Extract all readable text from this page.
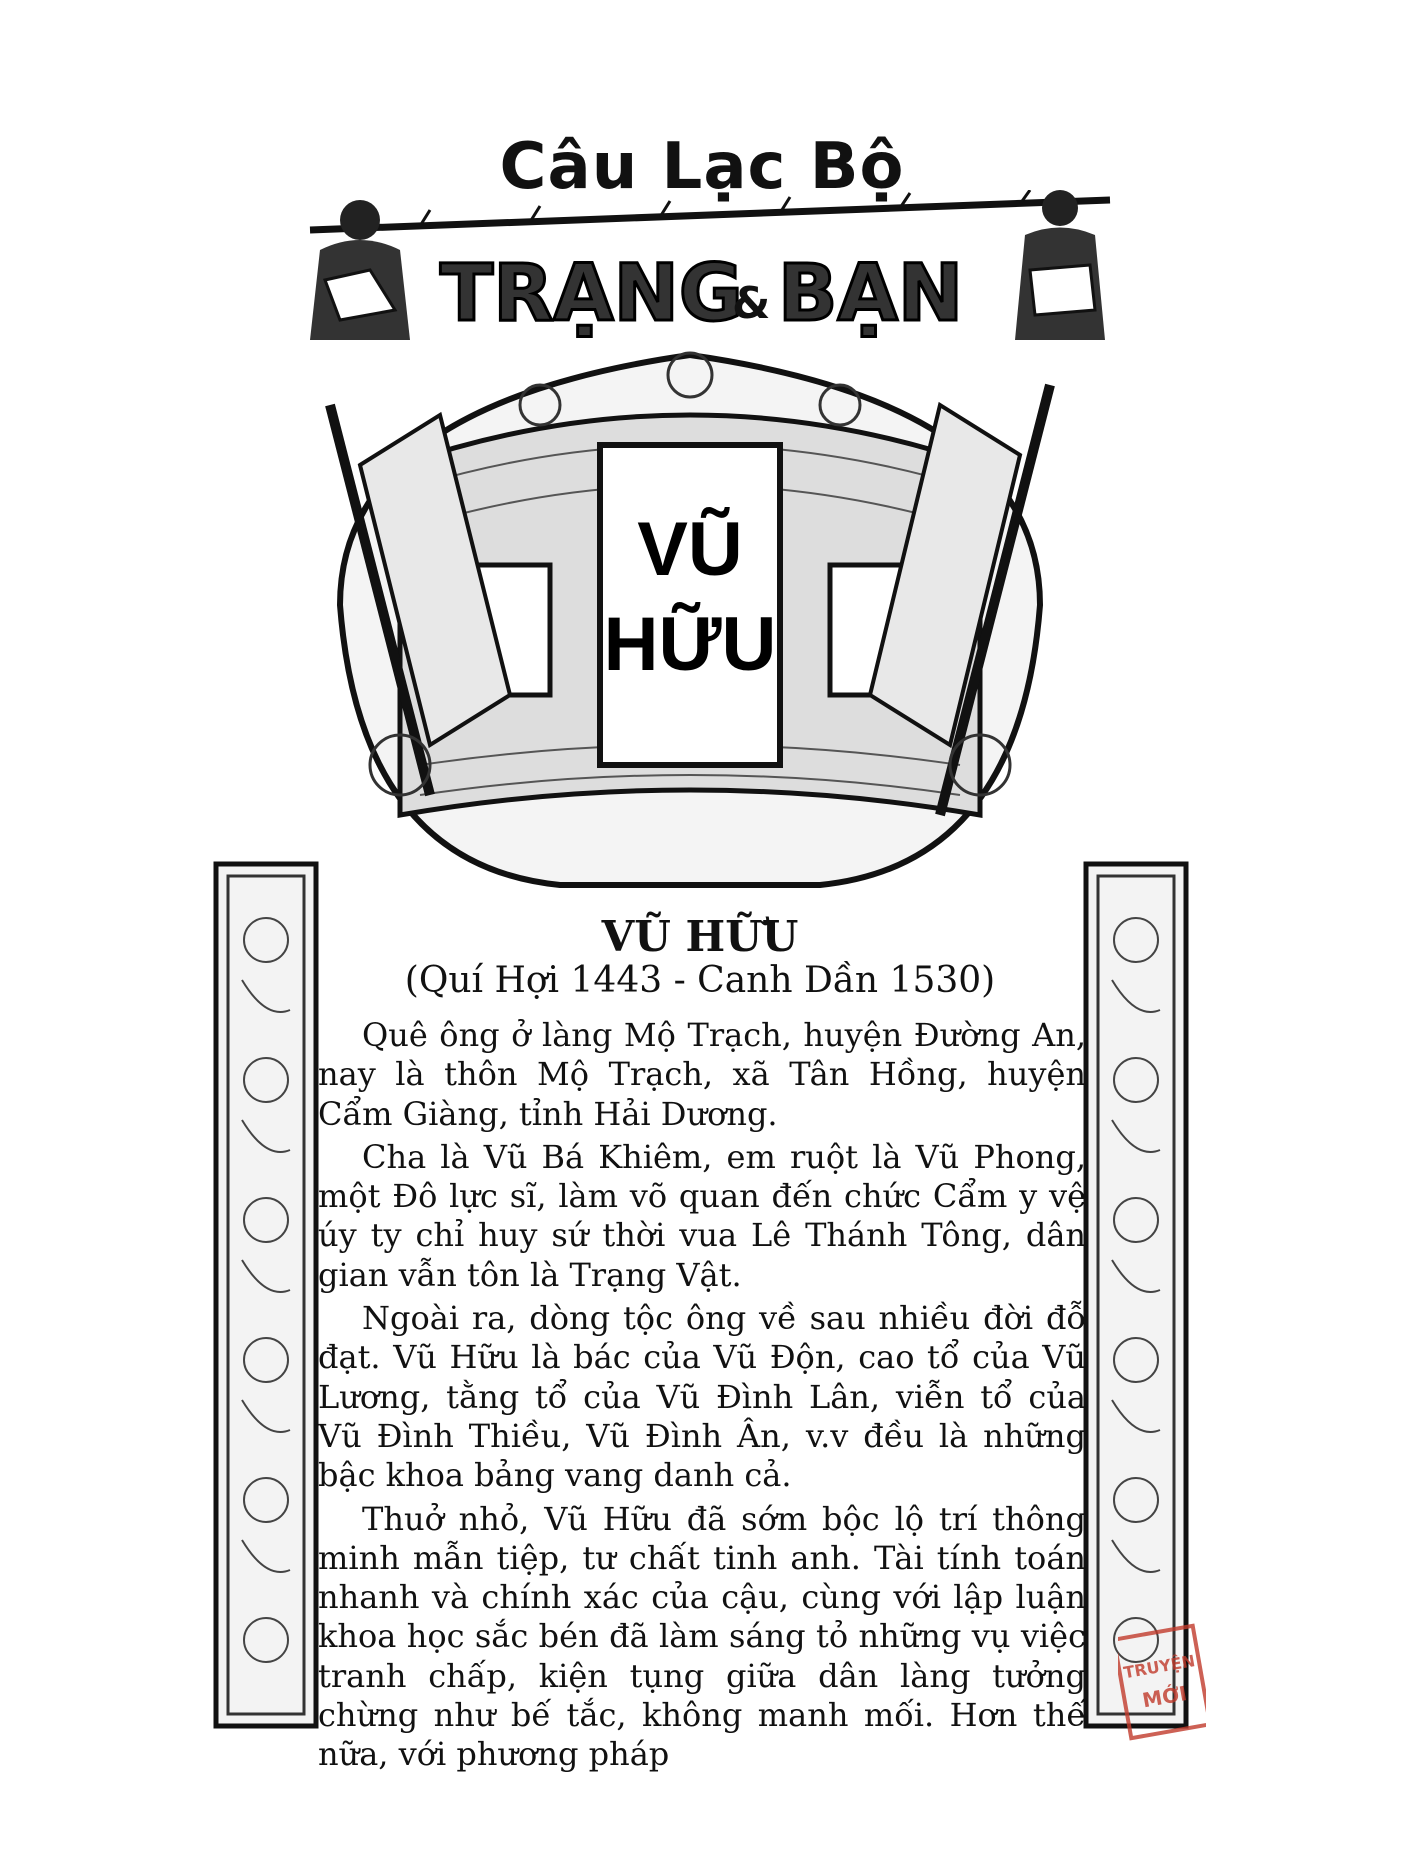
Câu Lạc Bộ
TRẠNG
& BẠN
VŨ
HỮU
VŨ HỮU
(Quí Hợi 1443 - Canh Dần 1530)

Quê ông ở làng Mộ Trạch, huyện Đường An, nay là thôn Mộ Trạch, xã Tân Hồng, huyện Cẩm Giàng, tỉnh Hải Dương.

Cha là Vũ Bá Khiêm, em ruột là Vũ Phong, một Đô lực sĩ, làm võ quan đến chức Cẩm y vệ úy ty chỉ huy sứ thời vua Lê Thánh Tông, dân gian vẫn tôn là Trạng Vật.

Ngoài ra, dòng tộc ông về sau nhiều đời đỗ đạt. Vũ Hữu là bác của Vũ Độn, cao tổ của Vũ Lương, tằng tổ của Vũ Đình Lân, viễn tổ của Vũ Đình Thiều, Vũ Đình Ân, v.v đều là những bậc khoa bảng vang danh cả.

Thuở nhỏ, Vũ Hữu đã sớm bộc lộ trí thông minh mẫn tiệp, tư chất tinh anh. Tài tính toán nhanh và chính xác của cậu, cùng với lập luận khoa học sắc bén đã làm sáng tỏ những vụ việc tranh chấp, kiện tụng giữa dân làng tưởng chừng như bế tắc, không manh mối. Hơn thế nữa, với phương pháp

TRUYỆN
MỚI
